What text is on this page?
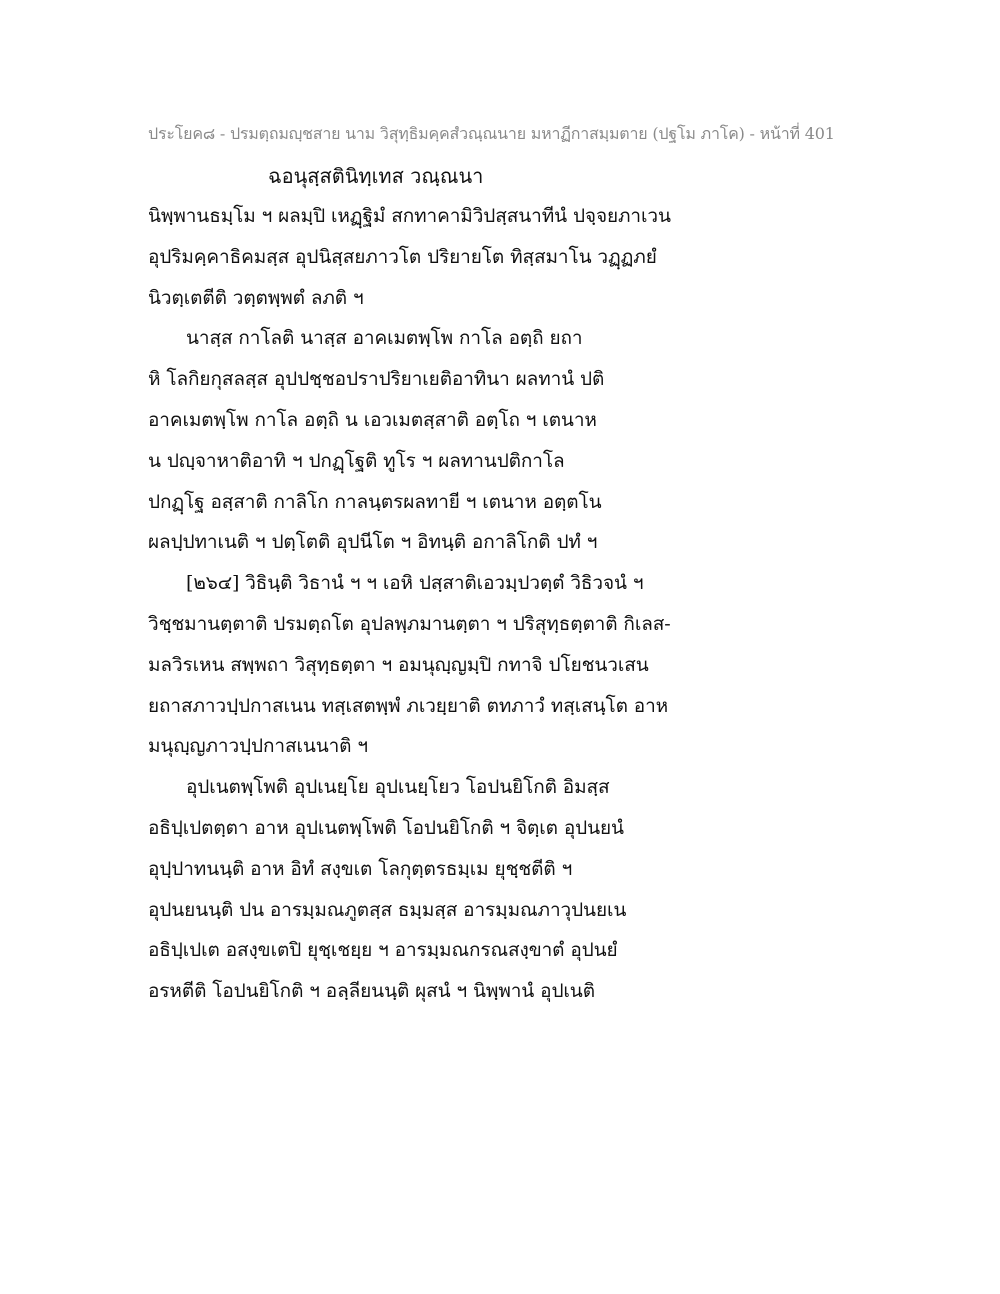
ประโยค๘ - ปรมตฺถมญฺชสาย นาม วิสุทฺธิมคฺคสํวณฺณนาย มหาฏีกาสมฺมตาย (ปฐโม ภาโค) - หน้าที่ 401
ฉอนุสฺสตินิทฺเทส วณฺณนา
นิพฺพานธมฺโม ฯ ผลมฺปิ เหฏฺฐิมํ สกทาคามิวิปสฺสนาทีนํ ปจฺจยภาเวน
อุปริมคฺคาธิคมสฺส อุปนิสฺสยภาวโต ปริยายโต ทิสฺสมาโน วฏฺฏภยํ
นิวตฺเตตีติ วตฺตพฺพตํ ลภติ ฯ
นาสฺส กาโลติ นาสฺส อาคเมตพฺโพ กาโล อตฺถิ ยถา
หิ โลกิยกุสลสฺส อุปปชฺชอปราปริยาเยติอาทินา ผลทานํ ปติ
อาคเมตพฺโพ กาโล อตฺถิ น เอวเมตสฺสาติ อตฺโถ ฯ เตนาห
น ปญฺจาหาติอาทิ ฯ ปกฏฺโฐติ ทูโร ฯ ผลทานปติกาโล
ปกฏฺโฐ อสฺสาติ กาลิโก กาลนฺตรผลทายี ฯ เตนาห อตฺตโน
ผลปฺปทาเนติ ฯ ปตฺโตติ อุปนีโต ฯ อิทนฺติ อกาลิโกติ ปทํ ฯ
[๒๖๔] วิธินฺติ วิธานํ ฯ ฯ เอหิ ปสฺสาติเอวมฺปวตฺตํ วิธิวจนํ ฯ
วิชฺชมานตฺตาติ ปรมตฺถโต อุปลพฺภมานตฺตา ฯ ปริสุทฺธตฺตาติ กิเลส-
มลวิรเหน สพฺพถา วิสุทฺธตฺตา ฯ อมนุญฺญมฺปิ กทาจิ ปโยชนวเสน
ยถาสภาวปฺปกาสเนน ทสฺเสตพฺพํ ภเวยฺยาติ ตทภาวํ ทสฺเสนฺโต อาห
มนุญฺญภาวปฺปกาสเนนาติ ฯ
อุปเนตพฺโพติ อุปเนยฺโย อุปเนยฺโยว โอปนยิโกติ อิมสฺส
อธิปฺเปตตฺตา อาห อุปเนตพฺโพติ โอปนยิโกติ ฯ จิตฺเต อุปนยนํ
อุปฺปาทนนฺติ อาห อิทํ สงฺขเต โลกุตฺตรธมฺเม ยุชฺชตีติ ฯ
อุปนยนนฺติ ปน อารมฺมณภูตสฺส ธมฺมสฺส อารมฺมณภาวุปนยเน
อธิปฺเปเต อสงฺขเตปิ ยุชฺเชยฺย ฯ อารมฺมณกรณสงฺขาตํ อุปนยํ
อรหตีติ โอปนยิโกติ ฯ อลฺลียนนฺติ ผุสนํ ฯ นิพฺพานํ อุปเนติ
